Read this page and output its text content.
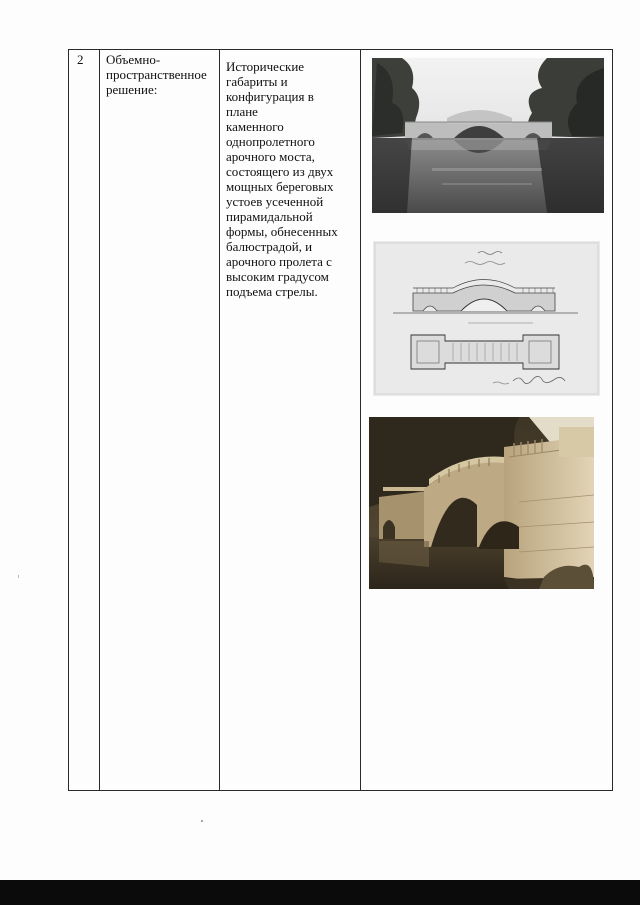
2	Объемно-
пространственное
решение:

Исторические
габариты и
конфигурация в
плане
каменного
однопролетного
арочного моста,
состоящего из двух
мощных береговых
устоев усеченной
пирамидальной
формы, обнесенных
балюстрадой, и
арочного пролета с
высоким градусом
подъема стрелы.
